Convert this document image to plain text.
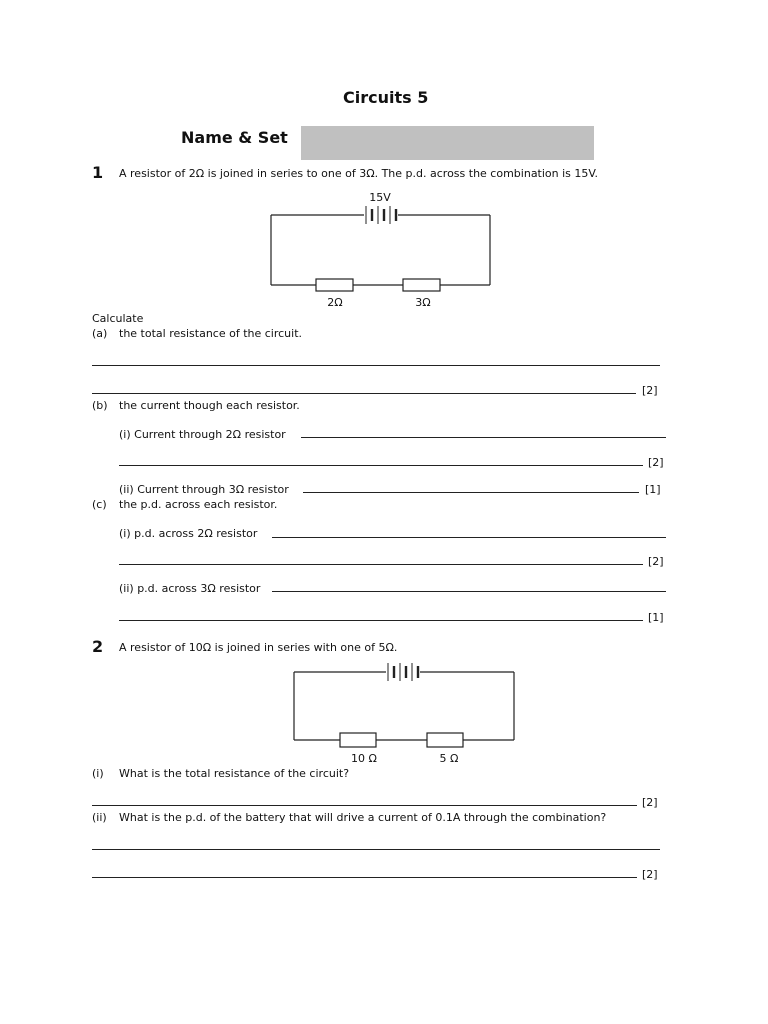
Circuits 5
Name & Set
1 A resistor of 2Ω is joined in series to one of 3Ω. The p.d. across the combination is 15V.
15V
2Ω	3Ω
Calculate
(a) the total resistance of the circuit.
[2]
(b) the current though each resistor.
(i) Current through 2Ω resistor
[2]
(ii) Current through 3Ω resistor	[1]
(c) the p.d. across each resistor.
(i) p.d. across 2Ω resistor
[2]
(ii) p.d. across 3Ω resistor
[1]
2 A resistor of 10Ω is joined in series with one of 5Ω.
10 Ω	5 Ω
(i) What is the total resistance of the circuit?
[2]
(ii) What is the p.d. of the battery that will drive a current of 0.1A through the combination?
[2]
